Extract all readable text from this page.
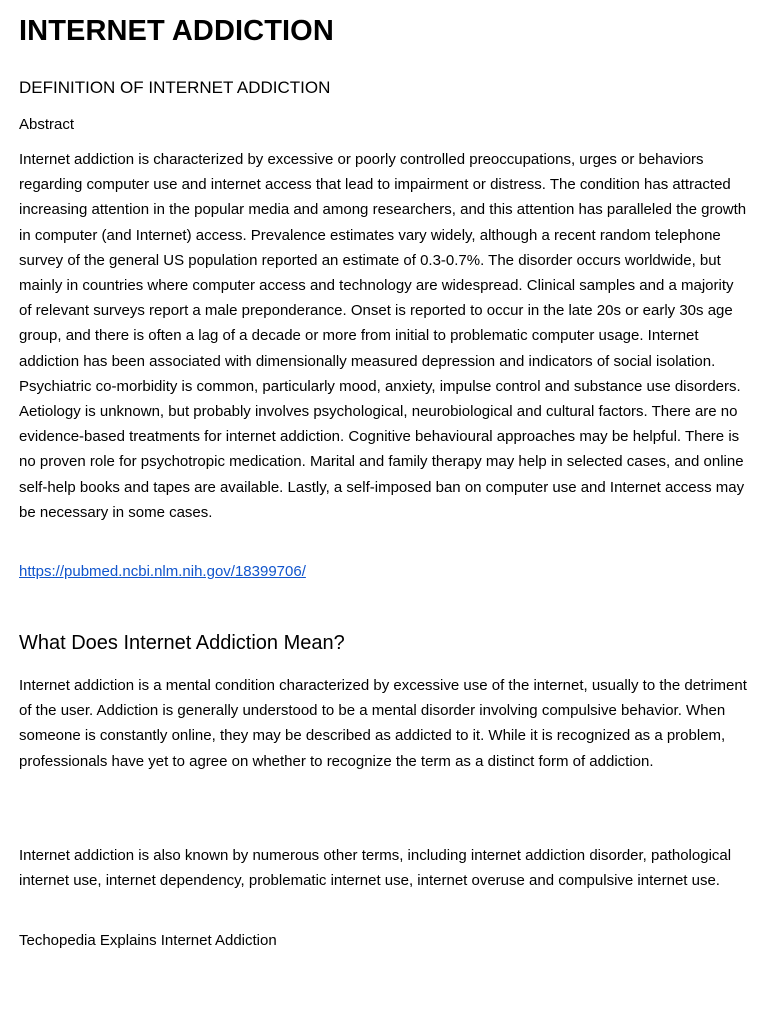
INTERNET ADDICTION
DEFINITION OF INTERNET ADDICTION

Abstract

Internet addiction is characterized by excessive or poorly controlled preoccupations, urges or behaviors regarding computer use and internet access that lead to impairment or distress. The condition has attracted increasing attention in the popular media and among researchers, and this attention has paralleled the growth in computer (and Internet) access. Prevalence estimates vary widely, although a recent random telephone survey of the general US population reported an estimate of 0.3-0.7%. The disorder occurs worldwide, but mainly in countries where computer access and technology are widespread. Clinical samples and a majority of relevant surveys report a male preponderance. Onset is reported to occur in the late 20s or early 30s age group, and there is often a lag of a decade or more from initial to problematic computer usage. Internet addiction has been associated with dimensionally measured depression and indicators of social isolation. Psychiatric co-morbidity is common, particularly mood, anxiety, impulse control and substance use disorders. Aetiology is unknown, but probably involves psychological, neurobiological and cultural factors. There are no evidence-based treatments for internet addiction. Cognitive behavioural approaches may be helpful. There is no proven role for psychotropic medication. Marital and family therapy may help in selected cases, and online self-help books and tapes are available. Lastly, a self-imposed ban on computer use and Internet access may be necessary in some cases.

https://pubmed.ncbi.nlm.nih.gov/18399706/
What Does Internet Addiction Mean?

Internet addiction is a mental condition characterized by excessive use of the internet, usually to the detriment of the user. Addiction is generally understood to be a mental disorder involving compulsive behavior. When someone is constantly online, they may be described as addicted to it. While it is recognized as a problem, professionals have yet to agree on whether to recognize the term as a distinct form of addiction.

Internet addiction is also known by numerous other terms, including internet addiction disorder, pathological internet use, internet dependency, problematic internet use, internet overuse and compulsive internet use.

Techopedia Explains Internet Addiction
